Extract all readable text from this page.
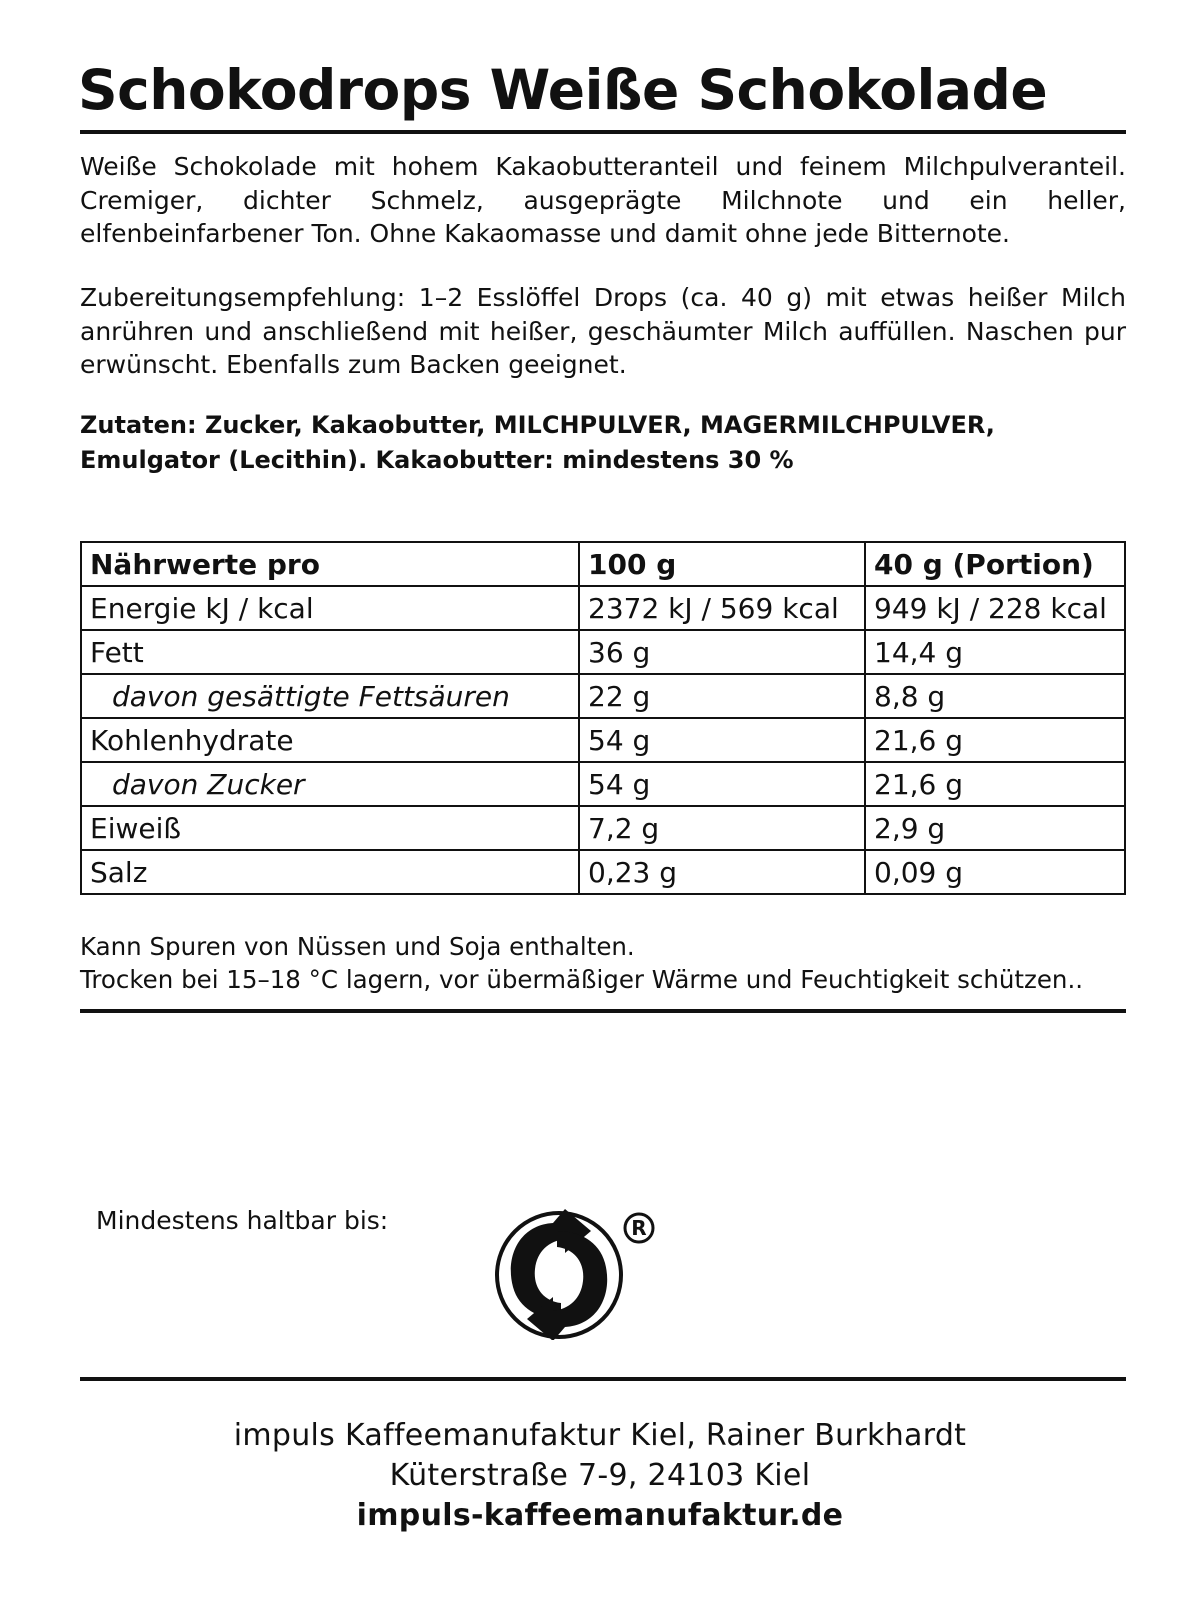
Schokodrops Weiße Schokolade

Weiße Schokolade mit hohem Kakaobutteranteil und feinem Milchpulveranteil. Cremiger, dichter Schmelz, ausgeprägte Milchnote und ein heller, elfenbeinfarbener Ton. Ohne Kakaomasse und damit ohne jede Bitternote.

Zubereitungsempfehlung: 1–2 Esslöffel Drops (ca. 40 g) mit etwas heißer Milch anrühren und anschließend mit heißer, geschäumter Milch auffüllen. Naschen pur erwünscht. Ebenfalls zum Backen geeignet.

Zutaten: Zucker, Kakaobutter, MILCHPULVER, MAGERMILCHPULVER, Emulgator (Lecithin). Kakaobutter: mindestens 30 %

Nährwerte pro	100 g	40 g (Portion)
Energie kJ / kcal	2372 kJ / 569 kcal	949 kJ / 228 kcal
Fett	36 g	14,4 g
davon gesättigte Fettsäuren	22 g	8,8 g
Kohlenhydrate	54 g	21,6 g
davon Zucker	54 g	21,6 g
Eiweiß	7,2 g	2,9 g
Salz	0,23 g	0,09 g

Kann Spuren von Nüssen und Soja enthalten.

Trocken bei 15–18 °C lagern, vor übermäßiger Wärme und Feuchtigkeit schützen..

Mindestens haltbar bis:	R

impuls Kaffeemanufaktur Kiel, Rainer Burkhardt

Küterstraße 7-9, 24103 Kiel

impuls-kaffeemanufaktur.de
